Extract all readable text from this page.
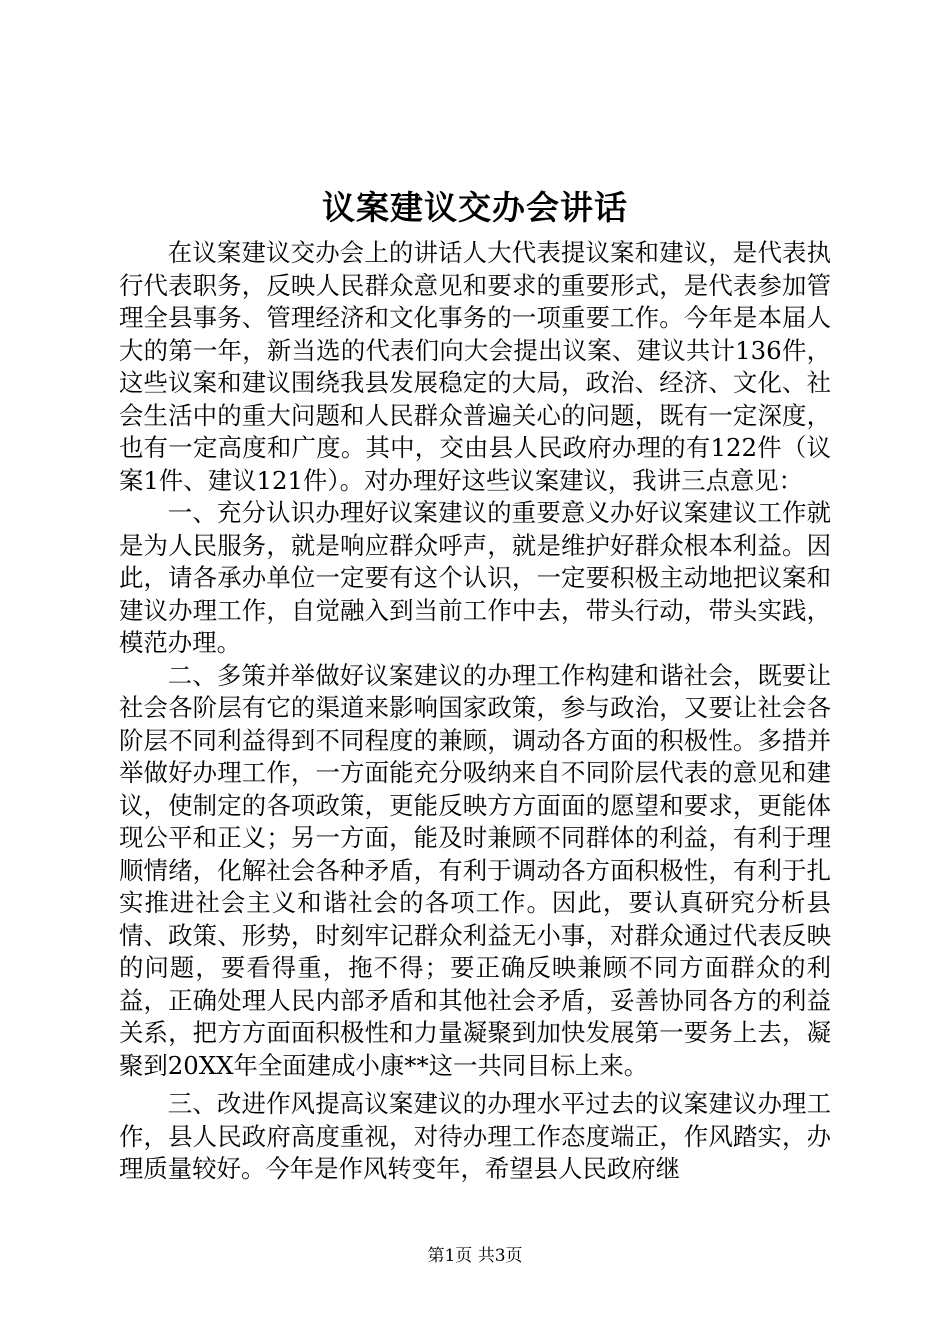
议案建议交办会讲话

在议案建议交办会上的讲话人大代表提议案和建议，是代表执行代表职务，反映人民群众意见和要求的重要形式，是代表参加管理全县事务、管理经济和文化事务的一项重要工作。今年是本届人大的第一年，新当选的代表们向大会提出议案、建议共计136件，这些议案和建议围绕我县发展稳定的大局，政治、经济、文化、社会生活中的重大问题和人民群众普遍关心的问题，既有一定深度，也有一定高度和广度。其中，交由县人民政府办理的有122件（议案1件、建议121件）。对办理好这些议案建议，我讲三点意见：

一、充分认识办理好议案建议的重要意义办好议案建议工作就是为人民服务，就是响应群众呼声，就是维护好群众根本利益。因此，请各承办单位一定要有这个认识，一定要积极主动地把议案和建议办理工作，自觉融入到当前工作中去，带头行动，带头实践，模范办理。

二、多策并举做好议案建议的办理工作构建和谐社会，既要让社会各阶层有它的渠道来影响国家政策，参与政治，又要让社会各阶层不同利益得到不同程度的兼顾，调动各方面的积极性。多措并举做好办理工作，一方面能充分吸纳来自不同阶层代表的意见和建议，使制定的各项政策，更能反映方方面面的愿望和要求，更能体现公平和正义；另一方面，能及时兼顾不同群体的利益，有利于理顺情绪，化解社会各种矛盾，有利于调动各方面积极性，有利于扎实推进社会主义和谐社会的各项工作。因此，要认真研究分析县情、政策、形势，时刻牢记群众利益无小事，对群众通过代表反映的问题，要看得重，拖不得；要正确反映兼顾不同方面群众的利益，正确处理人民内部矛盾和其他社会矛盾，妥善协同各方的利益关系，把方方面面积极性和力量凝聚到加快发展第一要务上去，凝聚到20XX年全面建成小康**这一共同目标上来。

三、改进作风提高议案建议的办理水平过去的议案建议办理工作，县人民政府高度重视，对待办理工作态度端正，作风踏实，办理质量较好。今年是作风转变年，希望县人民政府继

第1页 共3页
